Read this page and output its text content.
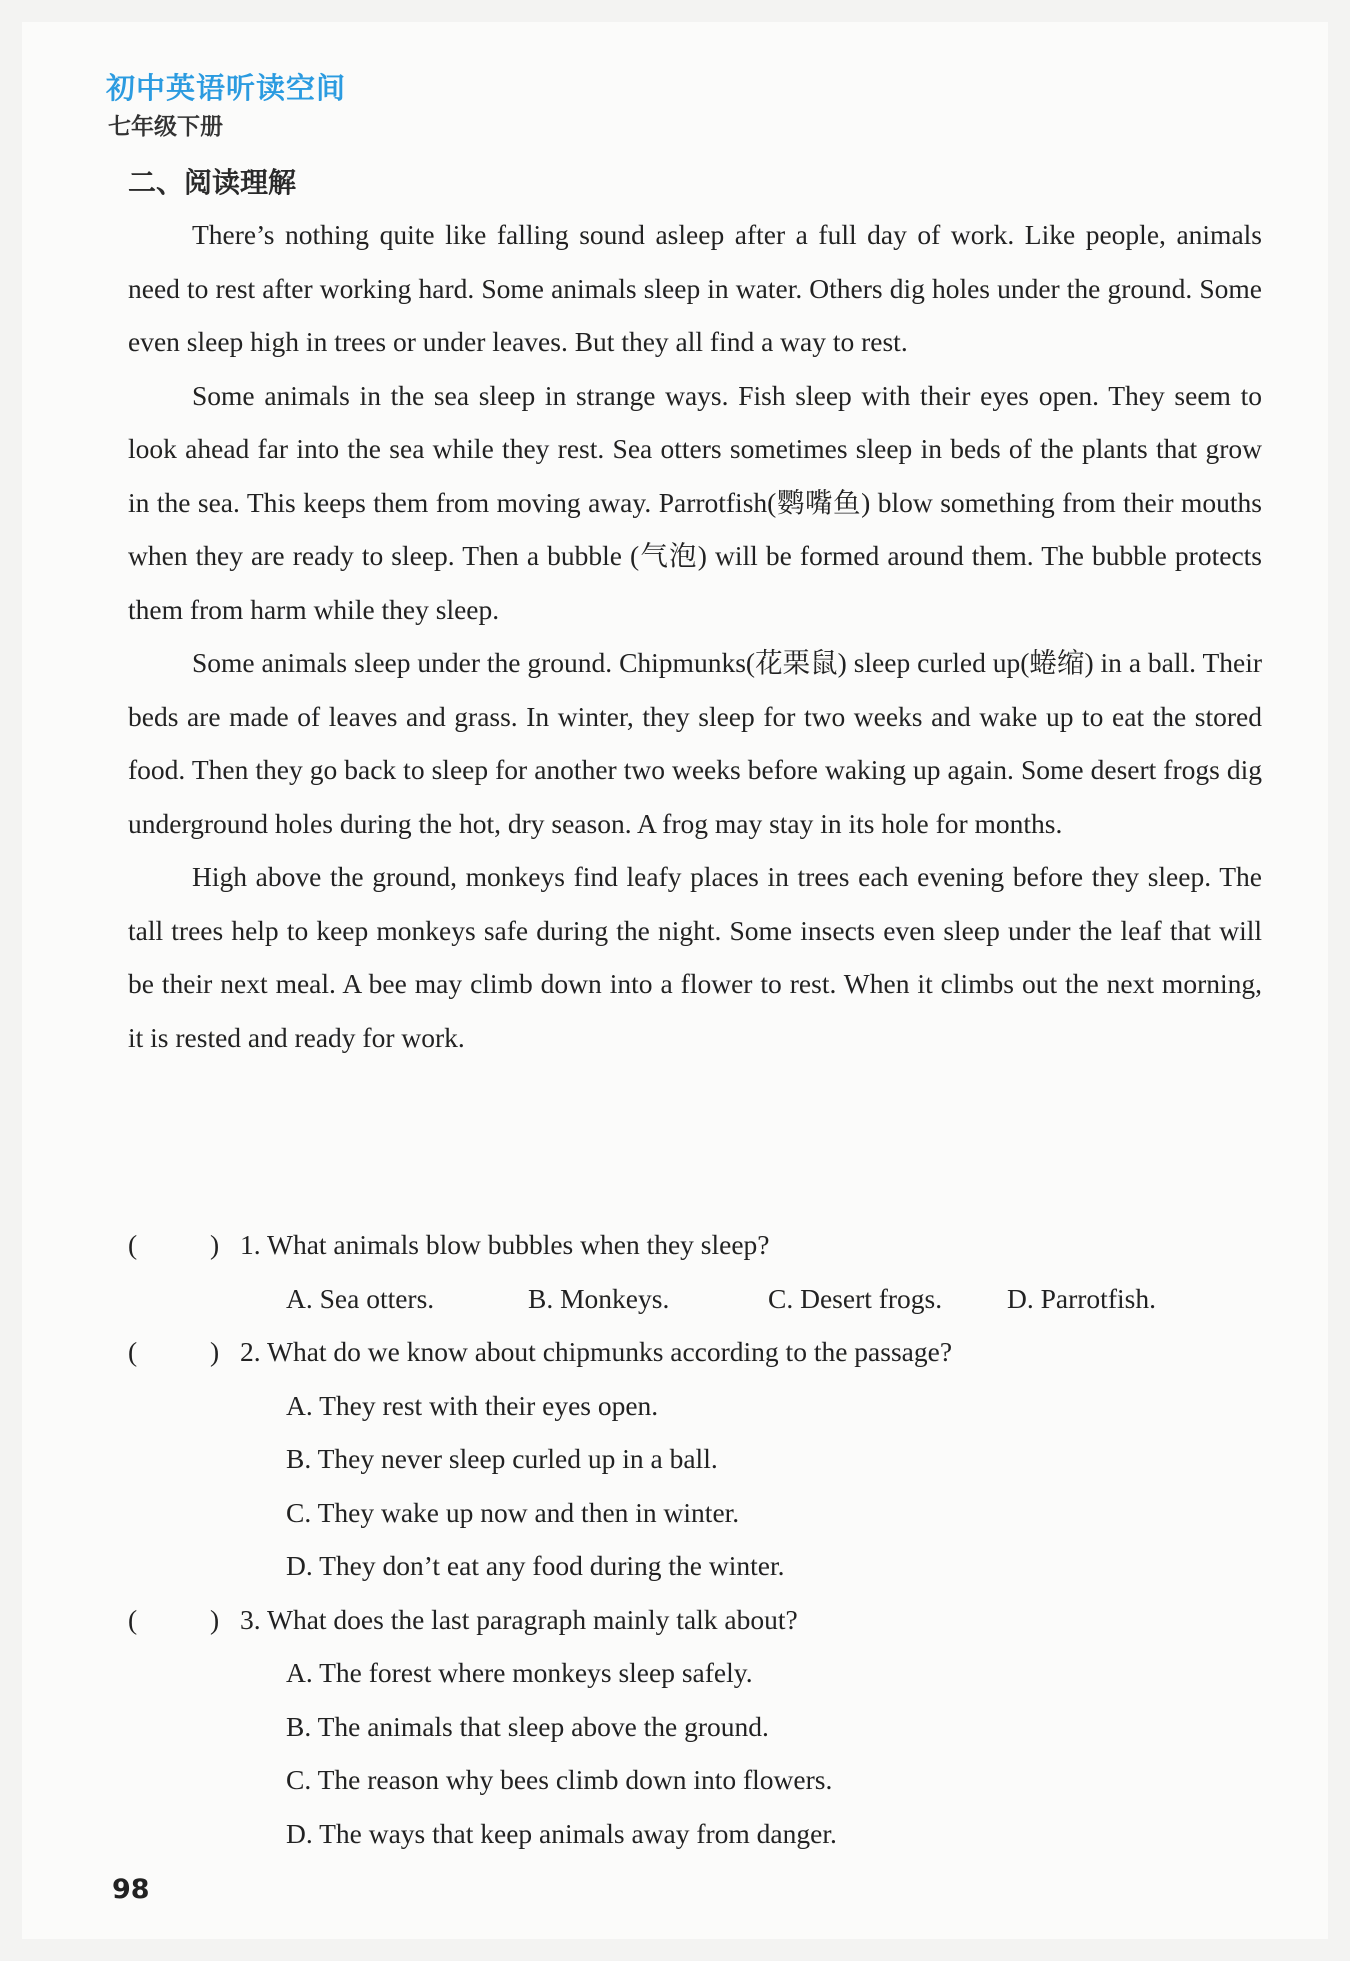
初中英语听读空间
七年级下册
二、阅读理解

There’s nothing quite like falling sound asleep after a full day of work. Like people, animals need to rest after working hard. Some animals sleep in water. Others dig holes under the ground. Some even sleep high in trees or under leaves. But they all find a way to rest.

Some animals in the sea sleep in strange ways. Fish sleep with their eyes open. They seem to look ahead far into the sea while they rest. Sea otters sometimes sleep in beds of the plants that grow in the sea. This keeps them from moving away. Parrotfish(鹦嘴鱼) blow something from their mouths when they are ready to sleep. Then a bubble (气泡) will be formed around them. The bubble protects them from harm while they sleep.

Some animals sleep under the ground. Chipmunks(花栗鼠) sleep curled up(蜷缩) in a ball. Their beds are made of leaves and grass. In winter, they sleep for two weeks and wake up to eat the stored food. Then they go back to sleep for another two weeks before waking up again. Some desert frogs dig underground holes during the hot, dry season. A frog may stay in its hole for months.

High above the ground, monkeys find leafy places in trees each evening before they sleep. The tall trees help to keep monkeys safe during the night. Some insects even sleep under the leaf that will be their next meal. A bee may climb down into a flower to rest. When it climbs out the next morning, it is rested and ready for work.

(	) 1. What animals blow bubbles when they sleep?
A. Sea otters.	B. Monkeys.	C. Desert frogs.	D. Parrotfish.
(	) 2. What do we know about chipmunks according to the passage?
A. They rest with their eyes open.
B. They never sleep curled up in a ball.
C. They wake up now and then in winter.
D. They don’t eat any food during the winter.
(	) 3. What does the last paragraph mainly talk about?
A. The forest where monkeys sleep safely.
B. The animals that sleep above the ground.
C. The reason why bees climb down into flowers.
D. The ways that keep animals away from danger.
98
